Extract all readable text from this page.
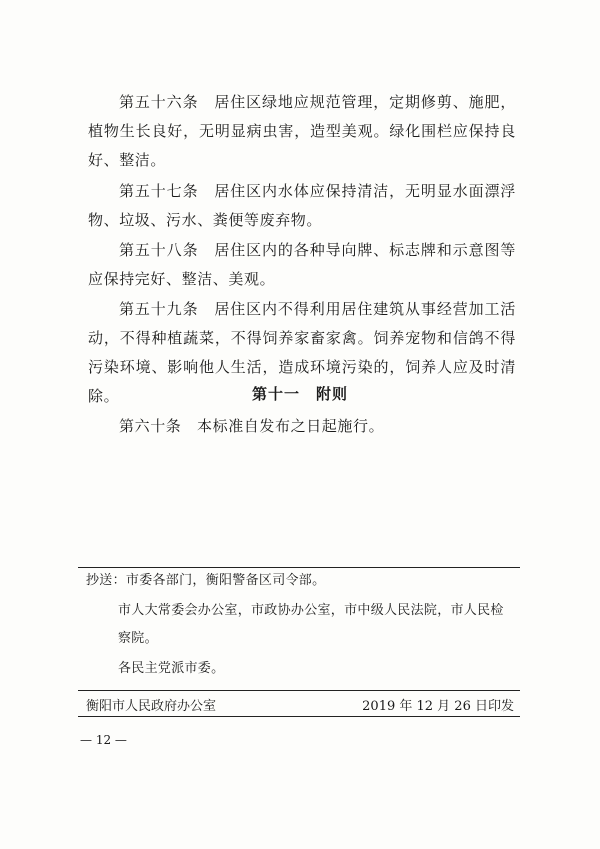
第五十六条　居住区绿地应规范管理，定期修剪、施肥，植物生长良好，无明显病虫害，造型美观。绿化围栏应保持良好、整洁。

第五十七条　居住区内水体应保持清洁，无明显水面漂浮物、垃圾、污水、粪便等废弃物。

第五十八条　居住区内的各种导向牌、标志牌和示意图等应保持完好、整洁、美观。

第五十九条　居住区内不得利用居住建筑从事经营加工活动，不得种植蔬菜，不得饲养家畜家禽。饲养宠物和信鸽不得污染环境、影响他人生活，造成环境污染的，饲养人应及时清除。	第十一　附则

第六十条　本标准自发布之日起施行。

抄送：市委各部门，衡阳警备区司令部。
市人大常委会办公室，市政协办公室，市中级人民法院，市人民检
察院。
各民主党派市委。
衡阳市人民政府办公室	2019 年 12 月 26 日印发
— 12 —
